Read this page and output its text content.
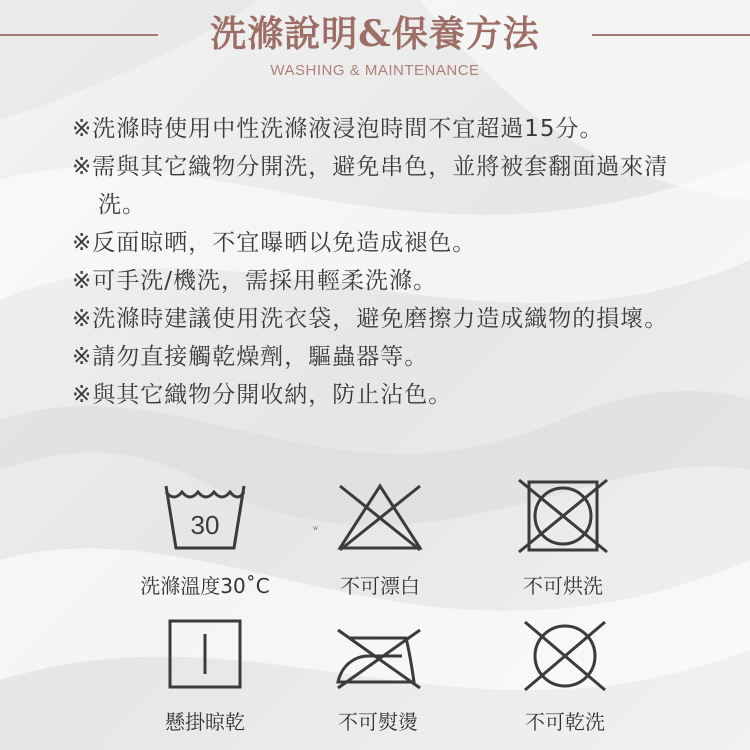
洗滌說明&保養方法
WASHING & MAINTENANCE
※洗滌時使用中性洗滌液浸泡時間不宜超過15分。
※需與其它織物分開洗，避免串色，並將被套翻面過來清洗。
※反面晾晒，不宜曝晒以免造成褪色。
※可手洗/機洗，需採用輕柔洗滌。
※洗滌時建議使用洗衣袋，避免磨擦力造成織物的損壞。
※請勿直接觸乾燥劑，驅蟲器等。
※與其它織物分開收納，防止沾色。
w
30
洗滌溫度30˚C	不可漂白	不可烘洗
懸掛晾乾	不可熨燙	不可乾洗
